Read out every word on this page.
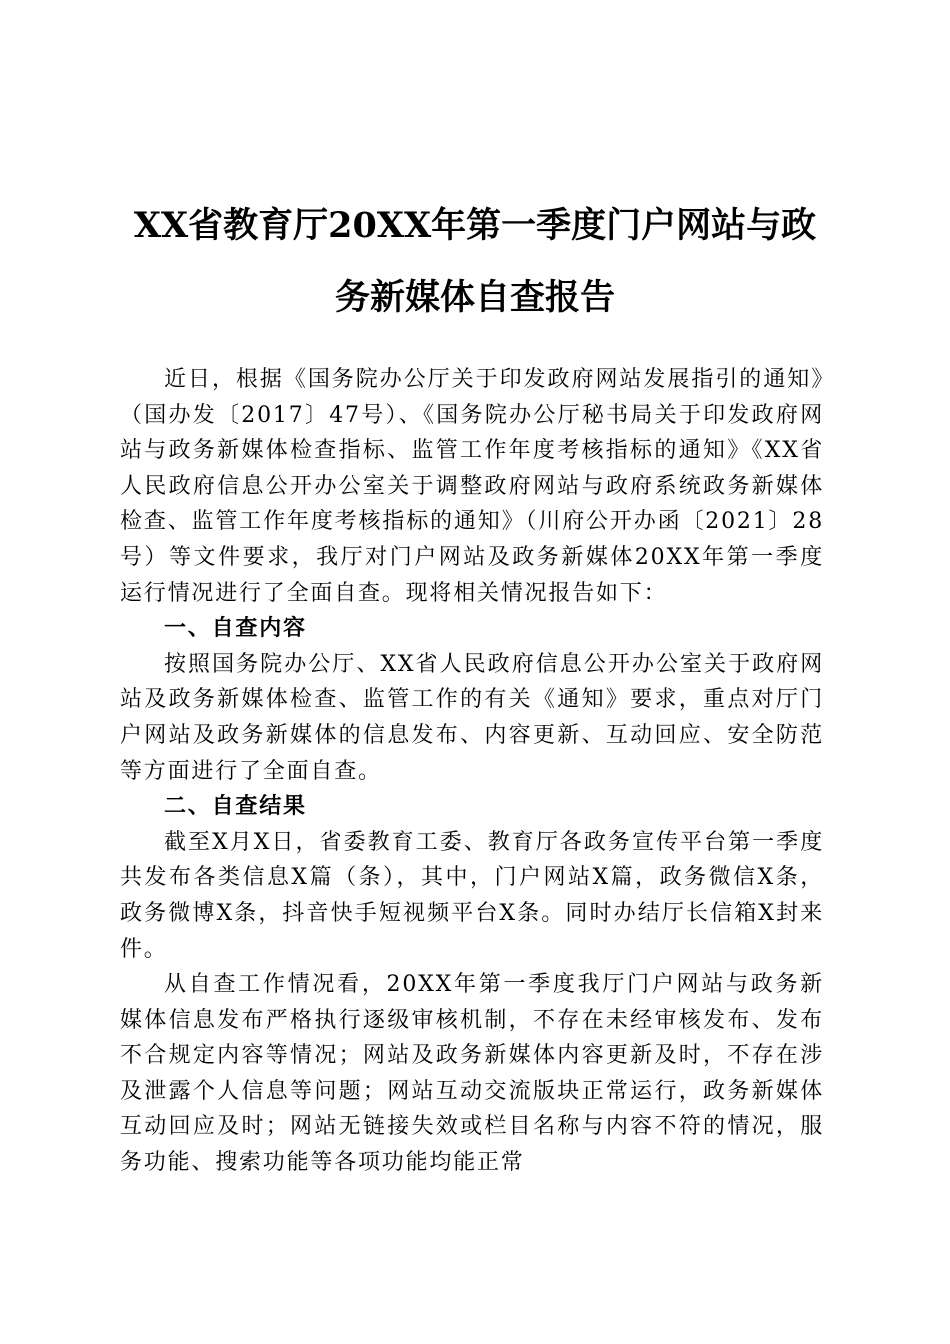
XX省教育厅20XX年第一季度门户网站与政
务新媒体自查报告

近日，根据《国务院办公厅关于印发政府网站发展指引的通知》（国办发〔2017〕47号）、《国务院办公厅秘书局关于印发政府网站与政务新媒体检查指标、监管工作年度考核指标的通知》《XX省人民政府信息公开办公室关于调整政府网站与政府系统政务新媒体检查、监管工作年度考核指标的通知》（川府公开办函〔2021〕28号）等文件要求，我厅对门户网站及政务新媒体20XX年第一季度运行情况进行了全面自查。现将相关情况报告如下：

一、自查内容

按照国务院办公厅、XX省人民政府信息公开办公室关于政府网站及政务新媒体检查、监管工作的有关《通知》要求，重点对厅门户网站及政务新媒体的信息发布、内容更新、互动回应、安全防范等方面进行了全面自查。

二、自查结果

截至X月X日，省委教育工委、教育厅各政务宣传平台第一季度共发布各类信息X篇（条），其中，门户网站X篇，政务微信X条，政务微博X条，抖音快手短视频平台X条。同时办结厅长信箱X封来件。

从自查工作情况看，20XX年第一季度我厅门户网站与政务新媒体信息发布严格执行逐级审核机制，不存在未经审核发布、发布不合规定内容等情况；网站及政务新媒体内容更新及时，不存在涉及泄露个人信息等问题；网站互动交流版块正常运行，政务新媒体互动回应及时；网站无链接失效或栏目名称与内容不符的情况，服务功能、搜索功能等各项功能均能正常
